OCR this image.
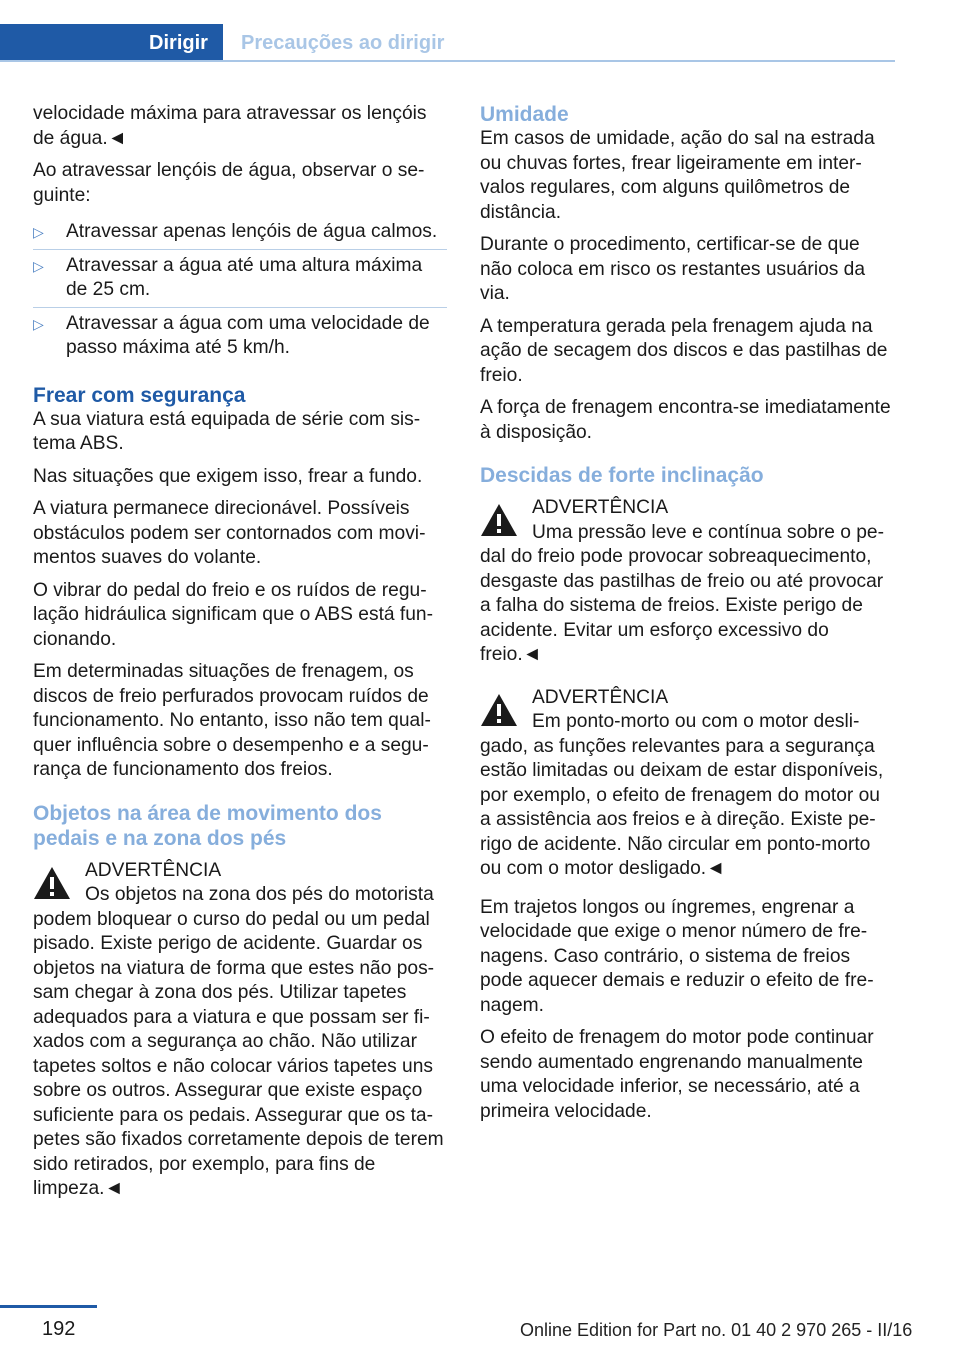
Dirigir	Precauções ao dirigir

velocidade máxima para atravessar os lençóis de água.◄

Ao atravessar lençóis de água, observar o seguinte:

▷ Atravessar apenas lençóis de água calmos.
▷ Atravessar a água até uma altura máxima de 25 cm.
▷ Atravessar a água com uma velocidade de passo máxima até 5 km/h.
Frear com segurança

A sua viatura está equipada de série com sistema ABS.

Nas situações que exigem isso, frear a fundo.

A viatura permanece direcionável. Possíveis obstáculos podem ser contornados com movimentos suaves do volante.

O vibrar do pedal do freio e os ruídos de regulação hidráulica significam que o ABS está funcionando.

Em determinadas situações de frenagem, os discos de freio perfurados provocam ruídos de funcionamento. No entanto, isso não tem qualquer influência sobre o desempenho e a segurança de funcionamento dos freios.

Objetos na área de movimento dos pedais e na zona dos pés
ADVERTÊNCIA
Os objetos na zona dos pés do motorista podem bloquear o curso do pedal ou um pedal pisado. Existe perigo de acidente. Guardar os objetos na viatura de forma que estes não possam chegar à zona dos pés. Utilizar tapetes adequados para a viatura e que possam ser fixados com a segurança ao chão. Não utilizar tapetes soltos e não colocar vários tapetes uns sobre os outros. Assegurar que existe espaço suficiente para os pedais. Assegurar que os tapetes são fixados corretamente depois de terem sido retirados, por exemplo, para fins de limpeza.◄
Umidade

Em casos de umidade, ação do sal na estrada ou chuvas fortes, frear ligeiramente em intervalos regulares, com alguns quilômetros de distância.

Durante o procedimento, certificar-se de que não coloca em risco os restantes usuários da via.

A temperatura gerada pela frenagem ajuda na ação de secagem dos discos e das pastilhas de freio.

A força de frenagem encontra-se imediatamente à disposição.

Descidas de forte inclinação
ADVERTÊNCIA
Uma pressão leve e contínua sobre o pedal do freio pode provocar sobreaquecimento, desgaste das pastilhas de freio ou até provocar a falha do sistema de freios. Existe perigo de acidente. Evitar um esforço excessivo do freio.◄
ADVERTÊNCIA
Em ponto-morto ou com o motor desligado, as funções relevantes para a segurança estão limitadas ou deixam de estar disponíveis, por exemplo, o efeito de frenagem do motor ou a assistência aos freios e à direção. Existe perigo de acidente. Não circular em ponto-morto ou com o motor desligado.◄

Em trajetos longos ou íngremes, engrenar a velocidade que exige o menor número de frenagens. Caso contrário, o sistema de freios pode aquecer demais e reduzir o efeito de frenagem.

O efeito de frenagem do motor pode continuar sendo aumentado engrenando manualmente uma velocidade inferior, se necessário, até a primeira velocidade.

192	Online Edition for Part no. 01 40 2 970 265 - II/16
